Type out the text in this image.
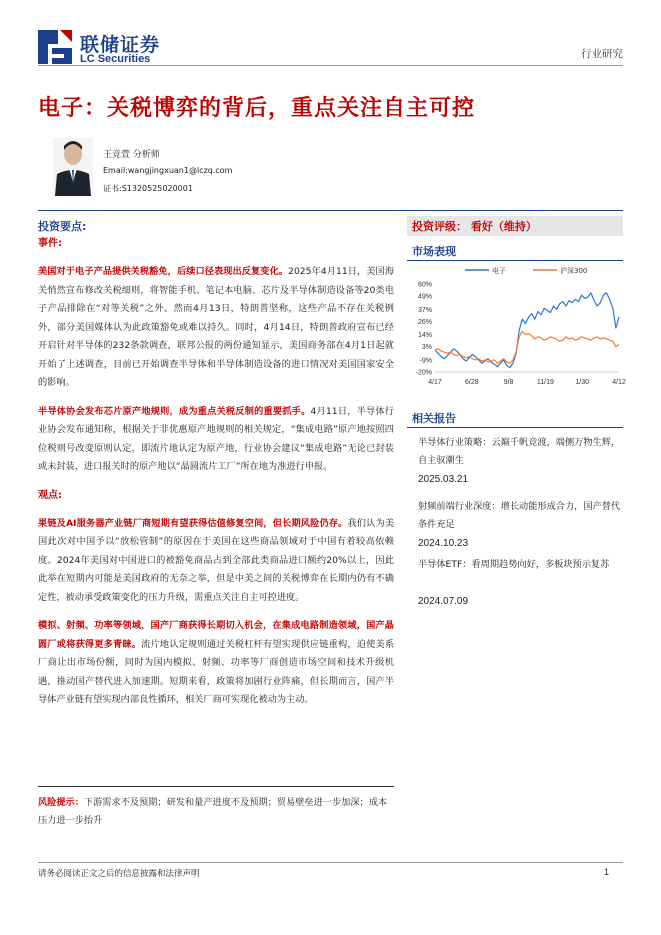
联储证券
LC Securities	行业研究
电子：关税博弈的背后，重点关注自主可控
王竞萱 分析师
Email:wangjingxuan1@lczq.com
证书:S1320525020001
投资要点:
事件:

美国对于电子产品提供关税豁免，后续口径表现出反复变化。2025年4月11日，美国海关悄然宣布修改关税细则，将智能手机、笔记本电脑、芯片及半导体制造设备等20类电子产品排除在“对等关税”之外。然而4月13日，特朗普坚称，这些产品不存在关税例外，部分美国媒体认为此政策豁免或难以持久。同时，4月14日，特朗普政府宣布已经开启针对半导体的232条款调查，联邦公报的两份通知显示，美国商务部在4月1日起就开始了上述调查，目前已开始调查半导体和半导体制造设备的进口情况对美国国家安全的影响。

半导体协会发布芯片原产地规则，成为重点关税反制的重要抓手。4月11日，半导体行业协会发布通知称，根据关于非优惠原产地规则的相关规定，“集成电路”原产地按照四位税则号改变原则认定，即流片地认定为原产地，行业协会建议“集成电路”无论已封装或未封装，进口报关时的原产地以“晶圆流片工厂”所在地为准进行申报。

观点:

果链及AI服务器产业链厂商短期有望获得估值修复空间，但长期风险仍存。我们认为美国此次对中国予以“放松管制”的原因在于美国在这些商品领域对于中国有着较高依赖度。2024年美国对中国进口的被豁免商品占到全部此类商品进口额约20%以上，因此此举在短期内可能是美国政府的无奈之举，但是中美之间的关税博弈在长期内仍有不确定性，被动承受政策变化的压力升级，需重点关注自主可控进度。

模拟、射频、功率等领域，国产厂商获得长期切入机会，在集成电路制造领域，国产晶圆厂或将获得更多青睐。流片地认定规则通过关税杠杆有望实现供应链重构，迫使美系厂商让出市场份额，同时为国内模拟、射频、功率等厂商创造市场空间和技术升级机遇，推动国产替代进入加速期。短期来看，政策将加剧行业阵痛，但长期而言，国产半导体产业链有望实现内部良性循环，相关厂商可实现化被动为主动。

风险提示：下游需求不及预期；研发和量产进度不及预期；贸易壁垒进一步加深；成本压力进一步抬升
投资评级： 看好（维持）
市场表现
电子	沪深300
60%
49%
37%
26%
14%
3%
-9%
-20%
4/17	6/28	9/8	11/19	1/30	4/12
相关报告
半导体行业策略：云巅千帆竞渡，端侧万物生辉，自主驭潮生
2025.03.21
射频前端行业深度：增长动能形成合力，国产替代条件充足
2024.10.23
半导体ETF：看周期趋势向好，多板块预示复苏
2024.07.09
请务必阅读正文之后的信息披露和法律声明	1
